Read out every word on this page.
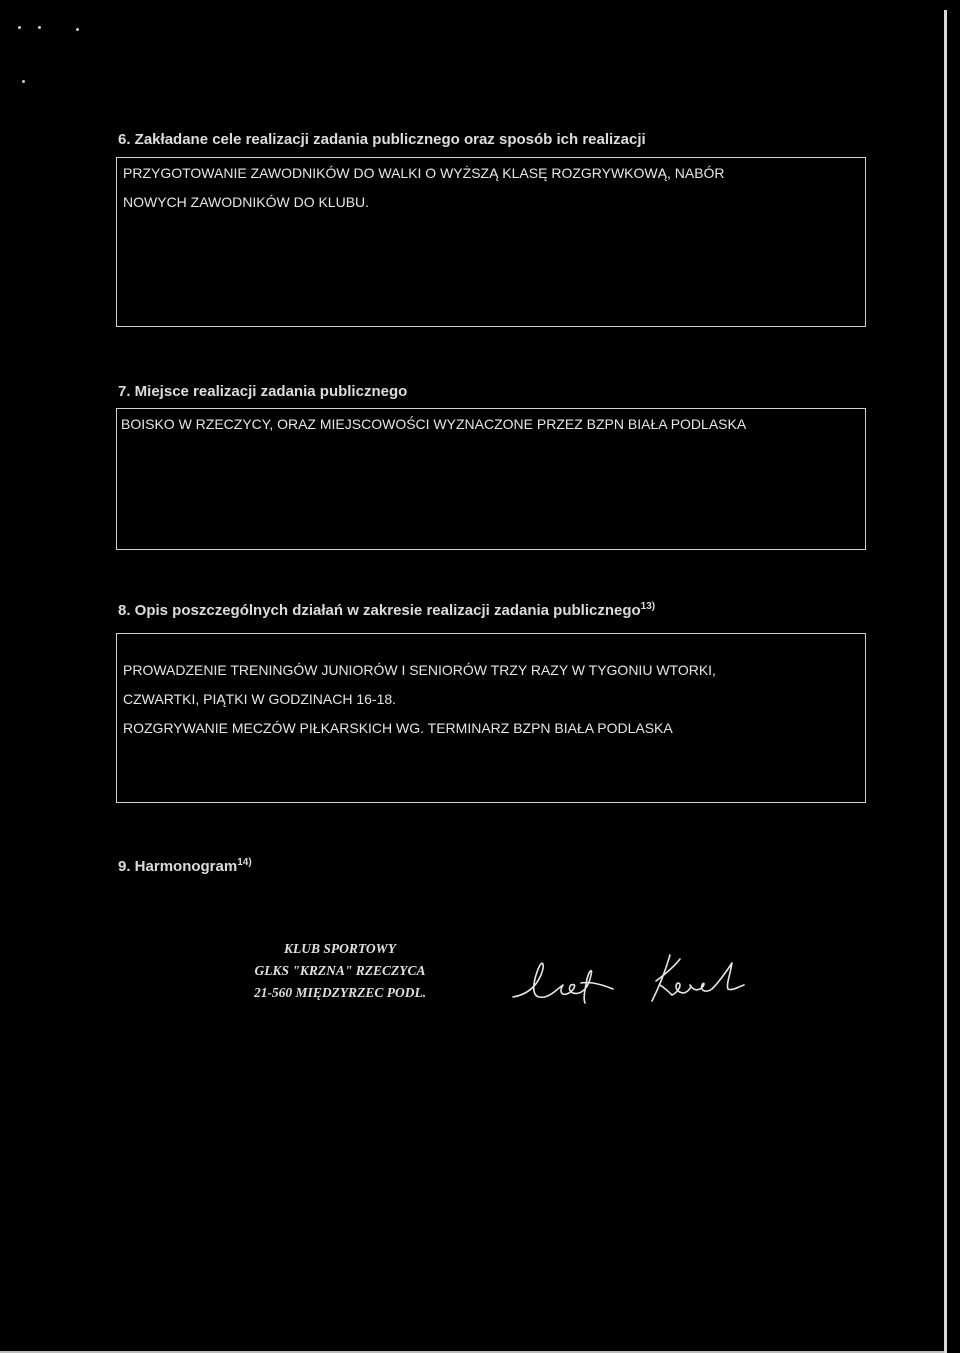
6. Zakładane cele realizacji zadania publicznego oraz sposób ich realizacji
PRZYGOTOWANIE ZAWODNIKÓW DO WALKI O WYŻSZĄ KLASĘ ROZGRYWKOWĄ, NABÓR
NOWYCH ZAWODNIKÓW DO KLUBU.
7. Miejsce realizacji zadania publicznego
BOISKO W RZECZYCY, ORAZ MIEJSCOWOŚCI WYZNACZONE PRZEZ BZPN BIAŁA PODLASKA
8. Opis poszczególnych działań w zakresie realizacji zadania publicznego$^{13)}$
PROWADZENIE TRENINGÓW JUNIORÓW I SENIORÓW TRZY RAZY W TYGONIU WTORKI,
CZWARTKI, PIĄTKI W GODZINACH 16-18.
ROZGRYWANIE MECZÓW PIŁKARSKICH WG. TERMINARZ BZPN BIAŁA PODLASKA
9. Harmonogram$^{14)}$
KLUB SPORTOWY
GLKS "KRZNA" RZECZYCA
21-560 MIĘDZYRZEC PODL.
